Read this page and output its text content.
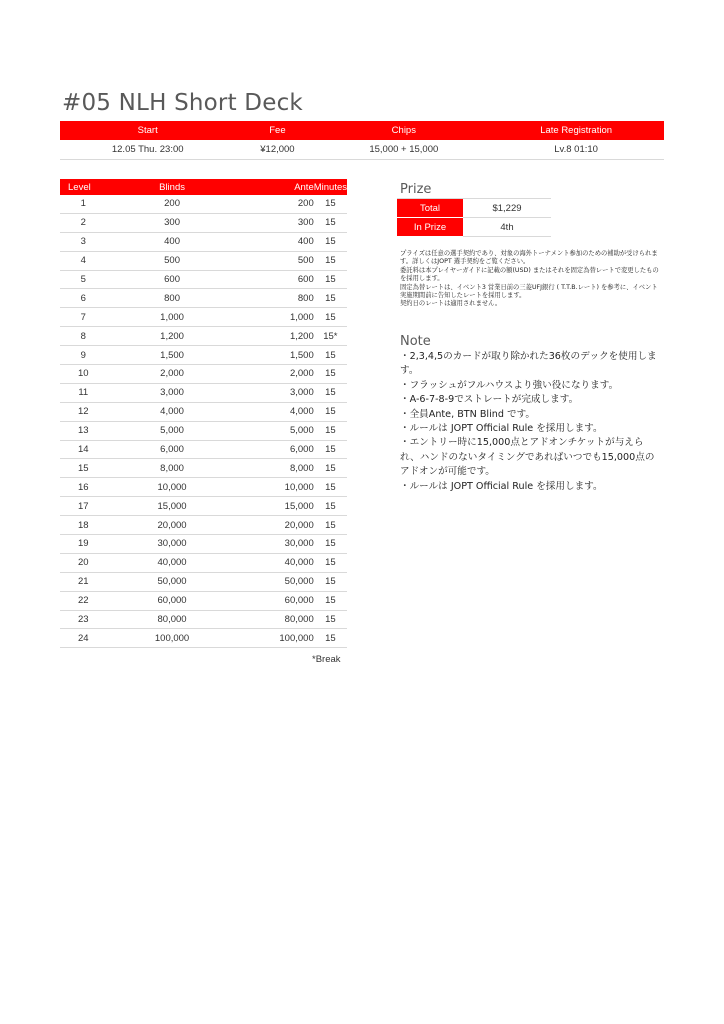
#05 NLH Short Deck
Start	Fee	Chips	Late Registration
12.05 Thu. 23:00	¥12,000	15,000 + 15,000	Lv.8 01:10
Level	Blinds	Ante	Minutes
1	200	200	15
2	300	300	15
3	400	400	15
4	500	500	15
5	600	600	15
6	800	800	15
7	1,000	1,000	15
8	1,200	1,200	15*
9	1,500	1,500	15
10	2,000	2,000	15
11	3,000	3,000	15
12	4,000	4,000	15
13	5,000	5,000	15
14	6,000	6,000	15
15	8,000	8,000	15
16	10,000	10,000	15
17	15,000	15,000	15
18	20,000	20,000	15
19	30,000	30,000	15
20	40,000	40,000	15
21	50,000	50,000	15
22	60,000	60,000	15
23	80,000	80,000	15
24	100,000	100,000	15
*Break
Prize
Total	$1,229
In Prize	4th

プライズは任意の選手契約であり、対象の海外トーナメント参加のための補助が受けられます。詳しくはJOPT 選手契約をご覧ください。

委託料は本プレイヤーガイドに記載の額(USD) またはそれを固定為替レートで変更したものを採用します。

固定為替レートは、イベント3 営業日前の三菱UFJ銀行 ( T.T.B.レート) を参考に、イベント実施期間前に告知したレートを採用します。

契約日のレートは適用されません。

Note

・2,3,4,5のカードが取り除かれた36枚のデックを使用します。

・フラッシュがフルハウスより強い役になります。

・A-6-7-8-9でストレートが完成します。

・全員Ante, BTN Blind です。

・ルールは JOPT Official Rule を採用します。

・エントリー時に15,000点とアドオンチケットが与えられ、ハンドのないタイミングであればいつでも15,000点のアドオンが可能です。

・ルールは JOPT Official Rule を採用します。
